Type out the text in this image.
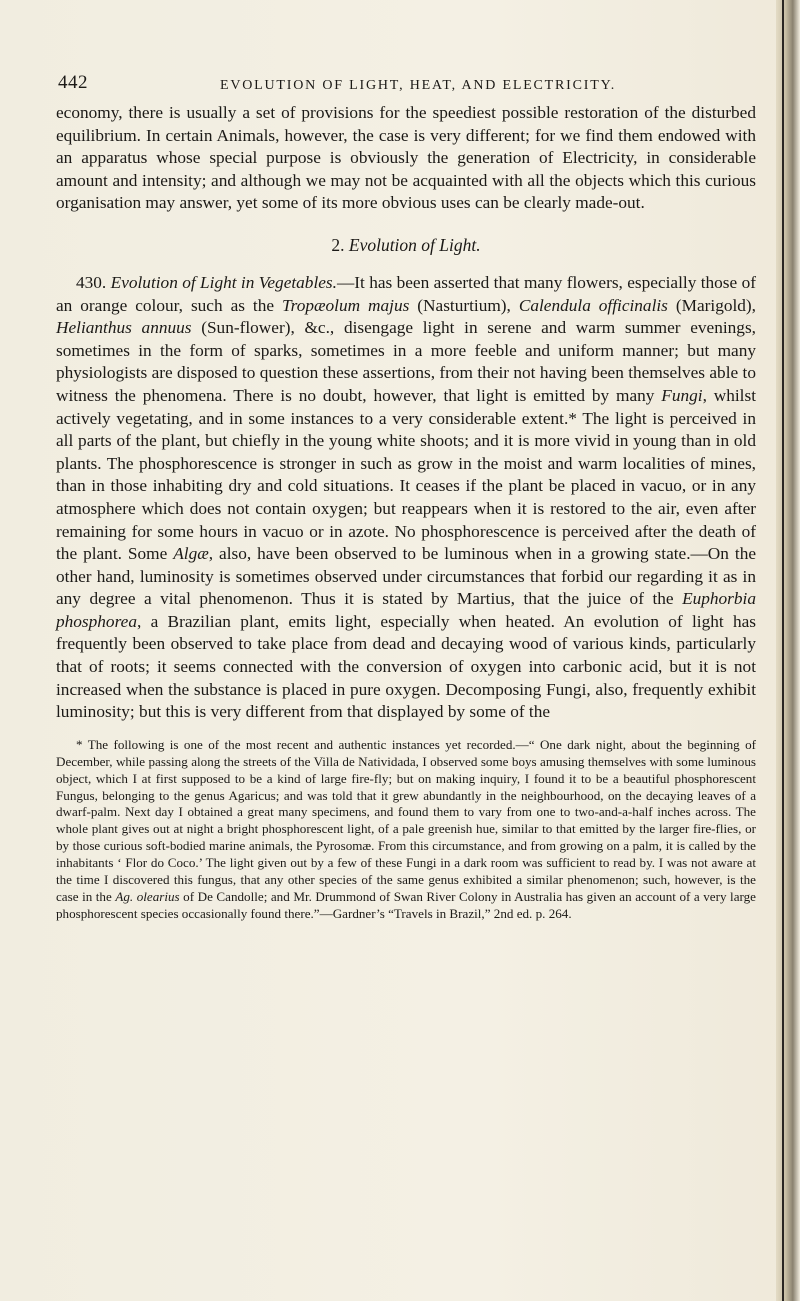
442	EVOLUTION OF LIGHT, HEAT, AND ELECTRICITY.

economy, there is usually a set of provisions for the speediest possible restoration of the disturbed equilibrium. In certain Animals, however, the case is very different; for we find them endowed with an apparatus whose special purpose is obviously the generation of Electricity, in considerable amount and intensity; and although we may not be acquainted with all the objects which this curious organisation may answer, yet some of its more obvious uses can be clearly made-out.

2. Evolution of Light.

430. Evolution of Light in Vegetables.—It has been asserted that many flowers, especially those of an orange colour, such as the Tropæolum majus (Nasturtium), Calendula officinalis (Marigold), Helianthus annuus (Sun-flower), &c., disengage light in serene and warm summer evenings, sometimes in the form of sparks, sometimes in a more feeble and uniform manner; but many physiologists are disposed to question these assertions, from their not having been themselves able to witness the phenomena. There is no doubt, however, that light is emitted by many Fungi, whilst actively vegetating, and in some instances to a very considerable extent.* The light is perceived in all parts of the plant, but chiefly in the young white shoots; and it is more vivid in young than in old plants. The phosphorescence is stronger in such as grow in the moist and warm localities of mines, than in those inhabiting dry and cold situations. It ceases if the plant be placed in vacuo, or in any atmosphere which does not contain oxygen; but reappears when it is restored to the air, even after remaining for some hours in vacuo or in azote. No phosphorescence is perceived after the death of the plant. Some Algæ, also, have been observed to be luminous when in a growing state.—On the other hand, luminosity is sometimes observed under circumstances that forbid our regarding it as in any degree a vital phenomenon. Thus it is stated by Martius, that the juice of the Euphorbia phosphorea, a Brazilian plant, emits light, especially when heated. An evolution of light has frequently been observed to take place from dead and decaying wood of various kinds, particularly that of roots; it seems connected with the conversion of oxygen into carbonic acid, but it is not increased when the substance is placed in pure oxygen. Decomposing Fungi, also, frequently exhibit luminosity; but this is very different from that displayed by some of the

* The following is one of the most recent and authentic instances yet recorded.—“ One dark night, about the beginning of December, while passing along the streets of the Villa de Natividada, I observed some boys amusing themselves with some luminous object, which I at first supposed to be a kind of large fire-fly; but on making inquiry, I found it to be a beautiful phosphorescent Fungus, belonging to the genus Agaricus; and was told that it grew abundantly in the neighbourhood, on the decaying leaves of a dwarf-palm. Next day I obtained a great many specimens, and found them to vary from one to two-and-a-half inches across. The whole plant gives out at night a bright phosphorescent light, of a pale greenish hue, similar to that emitted by the larger fire-flies, or by those curious soft-bodied marine animals, the Pyrosomæ. From this circumstance, and from growing on a palm, it is called by the inhabitants ‘ Flor do Coco.’ The light given out by a few of these Fungi in a dark room was sufficient to read by. I was not aware at the time I discovered this fungus, that any other species of the same genus exhibited a similar phenomenon; such, however, is the case in the Ag. olearius of De Candolle; and Mr. Drummond of Swan River Colony in Australia has given an account of a very large phosphorescent species occasionally found there.”—Gardner’s “Travels in Brazil,” 2nd ed. p. 264.
